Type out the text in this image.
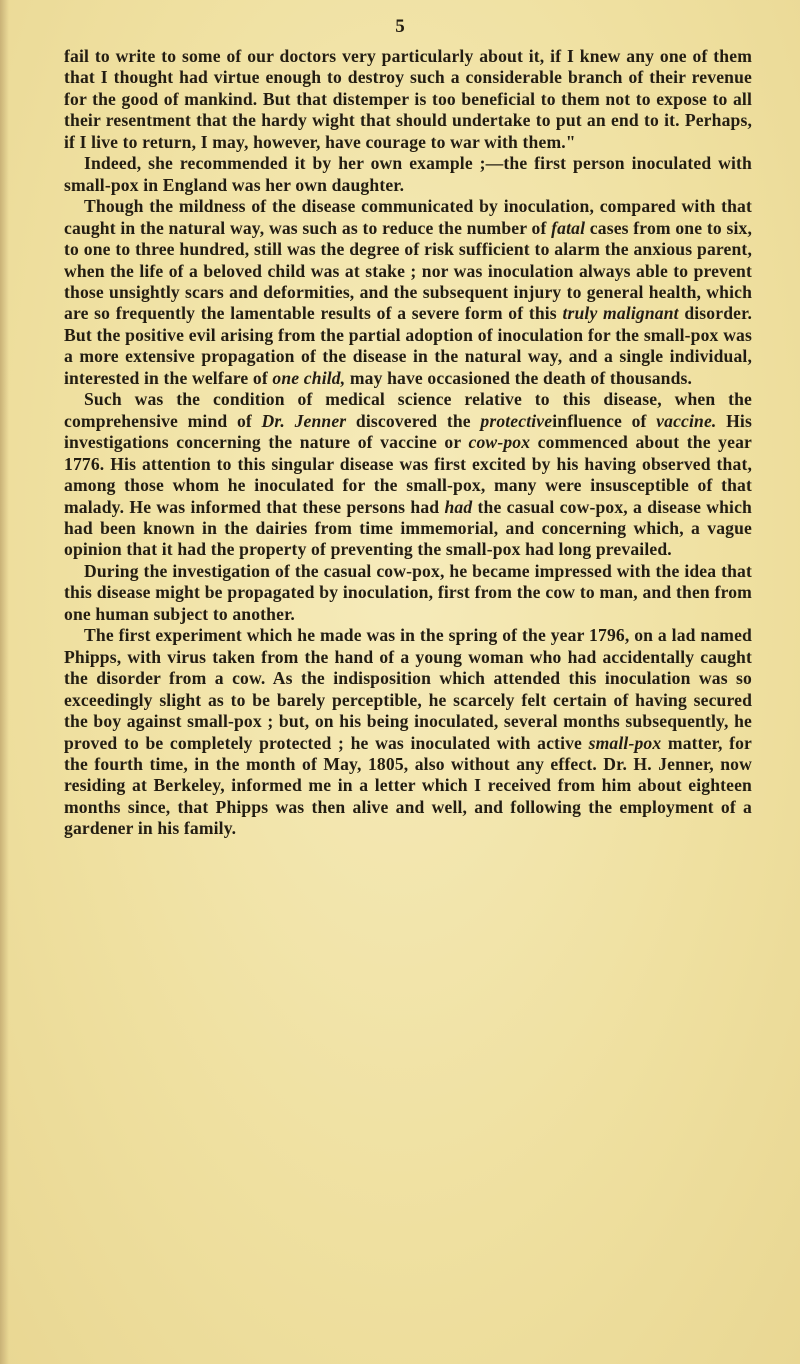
5

fail to write to some of our doctors very particularly about it, if I knew any one of them that I thought had virtue enough to destroy such a considerable branch of their revenue for the good of mankind. But that distemper is too beneficial to them not to expose to all their resentment that the hardy wight that should undertake to put an end to it. Perhaps, if I live to return, I may, however, have courage to war with them."

Indeed, she recommended it by her own example ;—the first person inoculated with small-pox in England was her own daughter.

Though the mildness of the disease communicated by inoculation, compared with that caught in the natural way, was such as to reduce the number of fatal cases from one to six, to one to three hundred, still was the degree of risk sufficient to alarm the anxious parent, when the life of a beloved child was at stake ; nor was inoculation always able to prevent those unsightly scars and deformities, and the subsequent injury to general health, which are so frequently the lamentable results of a severe form of this truly malignant disorder. But the positive evil arising from the partial adoption of inoculation for the small-pox was a more extensive propagation of the disease in the natural way, and a single individual, interested in the welfare of one child, may have occasioned the death of thousands.

Such was the condition of medical science relative to this disease, when the comprehensive mind of Dr. Jenner discovered the protectiveinfluence of vaccine. His investigations concerning the nature of vaccine or cow-pox commenced about the year 1776. His attention to this singular disease was first excited by his having observed that, among those whom he inoculated for the small-pox, many were insusceptible of that malady. He was informed that these persons had had the casual cow-pox, a disease which had been known in the dairies from time immemorial, and concerning which, a vague opinion that it had the property of preventing the small-pox had long prevailed.

During the investigation of the casual cow-pox, he became impressed with the idea that this disease might be propagated by inoculation, first from the cow to man, and then from one human subject to another.

The first experiment which he made was in the spring of the year 1796, on a lad named Phipps, with virus taken from the hand of a young woman who had accidentally caught the disorder from a cow. As the indisposition which attended this inoculation was so exceedingly slight as to be barely perceptible, he scarcely felt certain of having secured the boy against small-pox ; but, on his being inoculated, several months subsequently, he proved to be completely protected ; he was inoculated with active small-pox matter, for the fourth time, in the month of May, 1805, also without any effect. Dr. H. Jenner, now residing at Berkeley, informed me in a letter which I received from him about eighteen months since, that Phipps was then alive and well, and following the employment of a gardener in his family.
